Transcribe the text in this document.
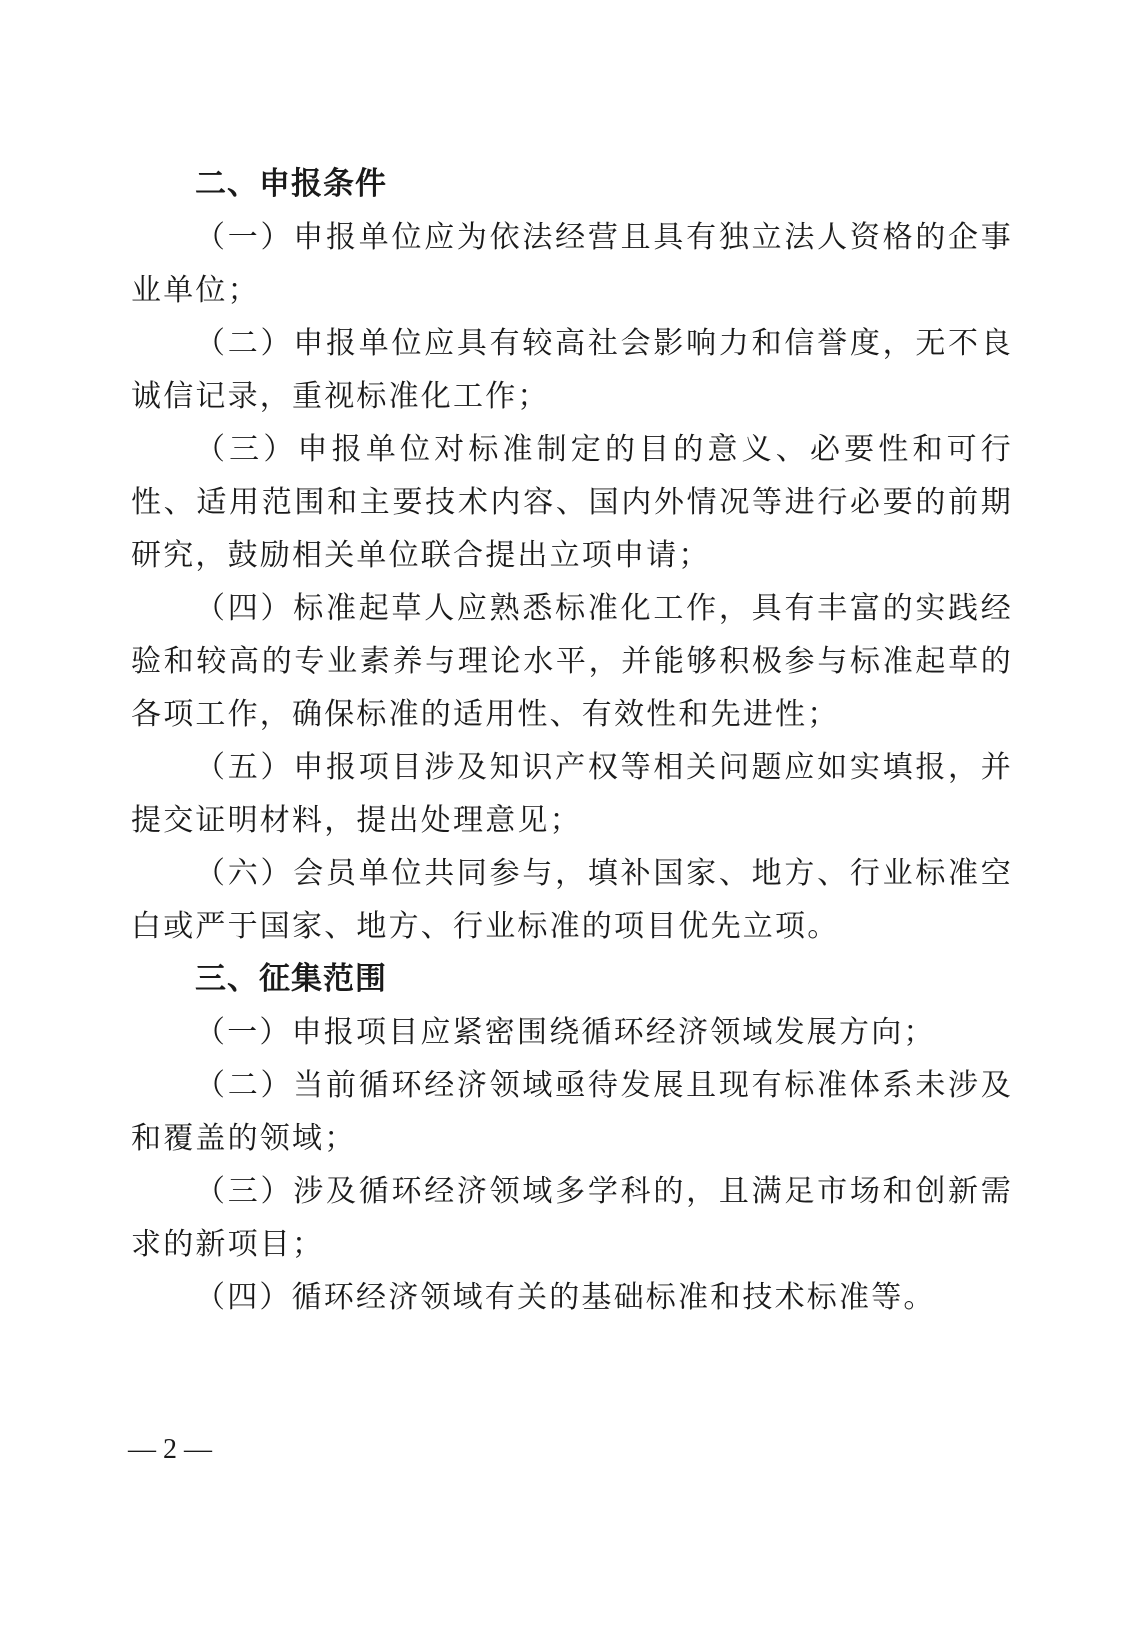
二、申报条件

（一）申报单位应为依法经营且具有独立法人资格的企事业单位；

（二）申报单位应具有较高社会影响力和信誉度，无不良诚信记录，重视标准化工作；

（三）申报单位对标准制定的目的意义、必要性和可行性、适用范围和主要技术内容、国内外情况等进行必要的前期研究，鼓励相关单位联合提出立项申请；

（四）标准起草人应熟悉标准化工作，具有丰富的实践经验和较高的专业素养与理论水平，并能够积极参与标准起草的各项工作，确保标准的适用性、有效性和先进性；

（五）申报项目涉及知识产权等相关问题应如实填报，并提交证明材料，提出处理意见；

（六）会员单位共同参与，填补国家、地方、行业标准空白或严于国家、地方、行业标准的项目优先立项。

三、征集范围

（一）申报项目应紧密围绕循环经济领域发展方向；

（二）当前循环经济领域亟待发展且现有标准体系未涉及和覆盖的领域；

（三）涉及循环经济领域多学科的，且满足市场和创新需求的新项目；

（四）循环经济领域有关的基础标准和技术标准等。

— 2 —
